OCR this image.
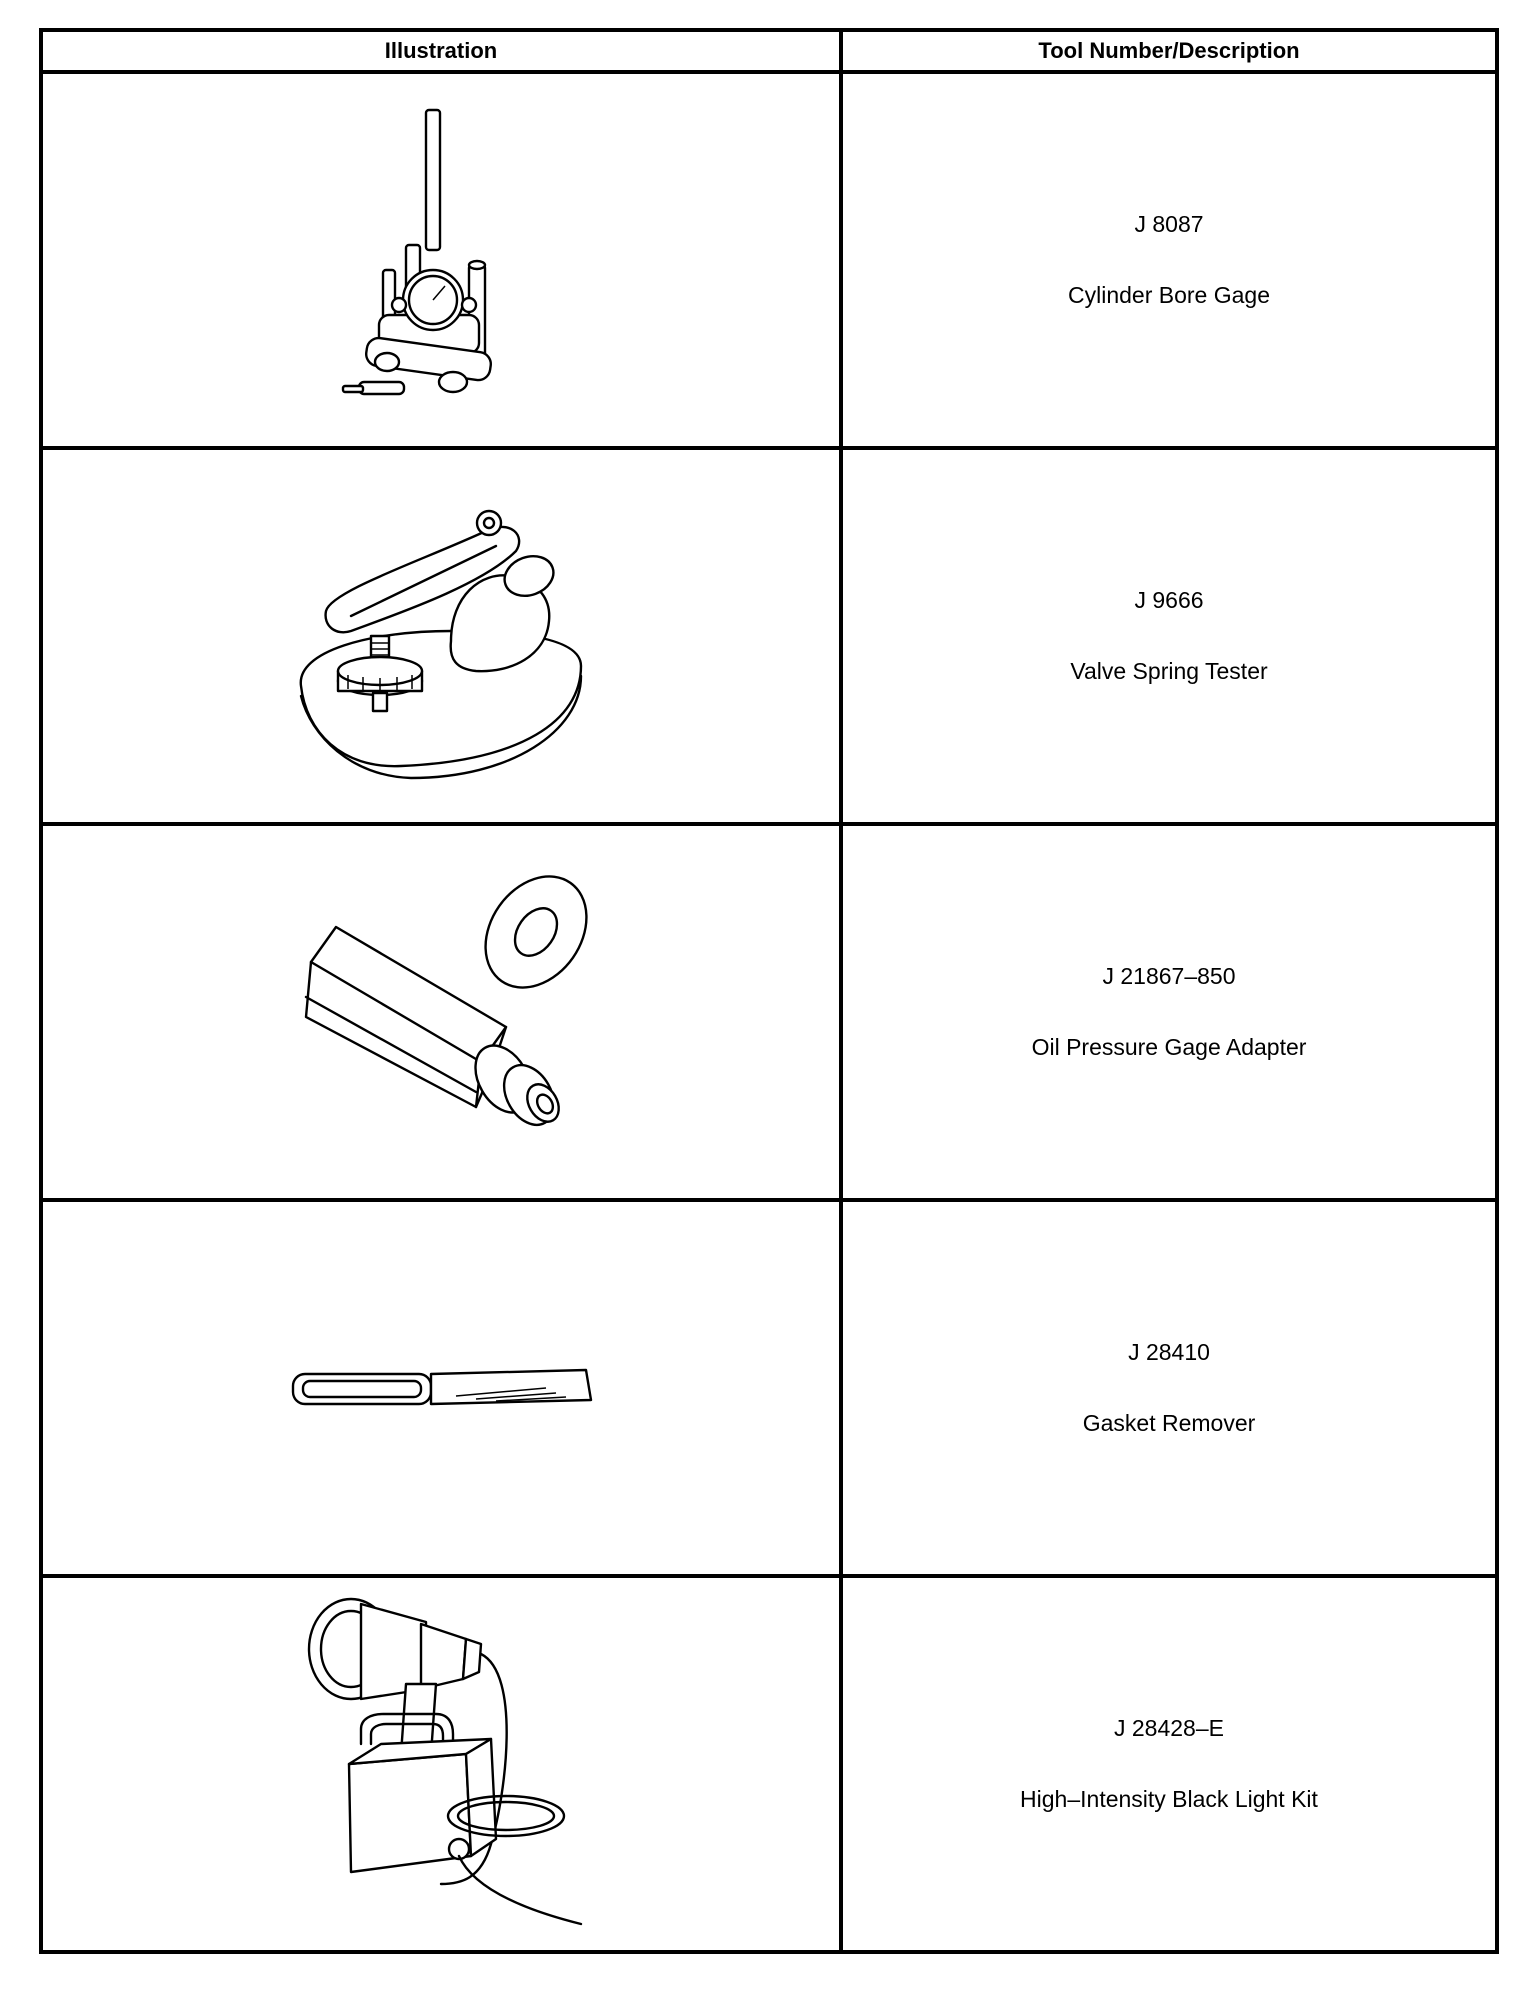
Illustration	Tool Number/Description

J 8087
Cylinder Bore Gage

J 9666
Valve Spring Tester

J 21867–850
Oil Pressure Gage Adapter

J 28410
Gasket Remover

J 28428–E
High–Intensity Black Light Kit
